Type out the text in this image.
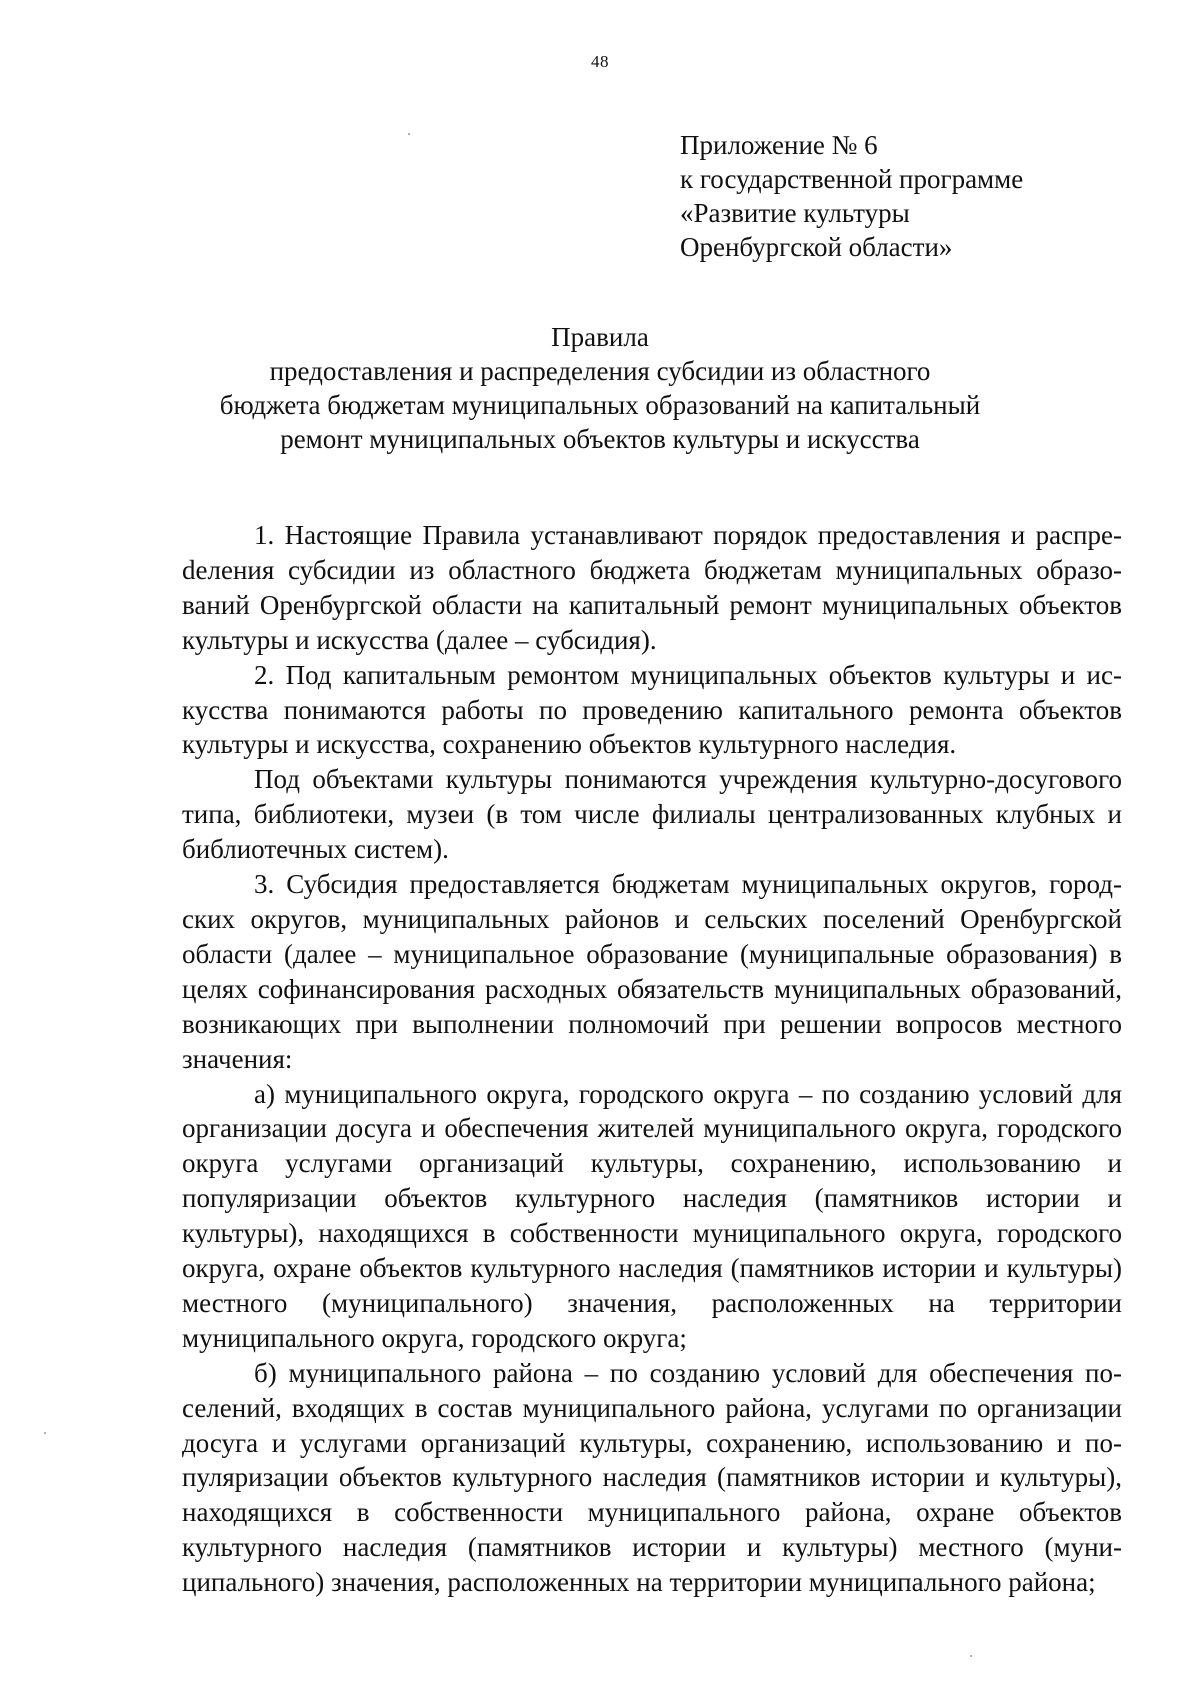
48
Приложение № 6
к государственной программе
«Развитие культуры
Оренбургской области»
Правила
предоставления и распределения субсидии из областного
бюджета бюджетам муниципальных образований на капитальный
ремонт муниципальных объектов культуры и искусства

1. Настоящие Правила устанавливают порядок предоставления и распреdеления субсидии из областного бюджета бюджетам муниципальных образований Оренбургской области на капитальный ремонт муниципальных объектов культуры и искусства (далее – субсидия).

2. Под капитальным ремонтом муниципальных объектов культуры и искусства понимаются работы по проведению капитального ремонта объектов культуры и искусства, сохранению объектов культурного наследия.

Под объектами культуры понимаются учреждения культурно-досугового типа, библиотеки, музеи (в том числе филиалы централизованных клубных и библиотечных систем).

3. Субсидия предоставляется бюджетам муниципальных округов, городских округов, муниципальных районов и сельских поселений Оренбургской области (далее – муниципальное образование (муниципальные образования) в целях софинансирования расходных обязательств муниципальных образований, возникающих при выполнении полномочий при решении вопросов местного значения:

а) муниципального округа, городского округа – по созданию условий для организации досуга и обеспечения жителей муниципального округа, городского округа услугами организаций культуры, сохранению, использованию и популяризации объектов культурного наследия (памятников истории и культуры), находящихся в собственности муниципального округа, городского округа, охране объектов культурного наследия (памятников истории и культуры) местного (муниципального) значения, расположенных на территории муниципального округа, городского округа;

б) муниципального района – по созданию условий для обеспечения поселений, входящих в состав муниципального района, услугами по организации досуга и услугами организаций культуры, сохранению, использованию и популяризации объектов культурного наследия (памятников истории и культуры), находящихся в собственности муниципального района, охране объектов культурного наследия (памятников истории и культуры) местного (муниципального) значения, расположенных на территории муниципального района;
